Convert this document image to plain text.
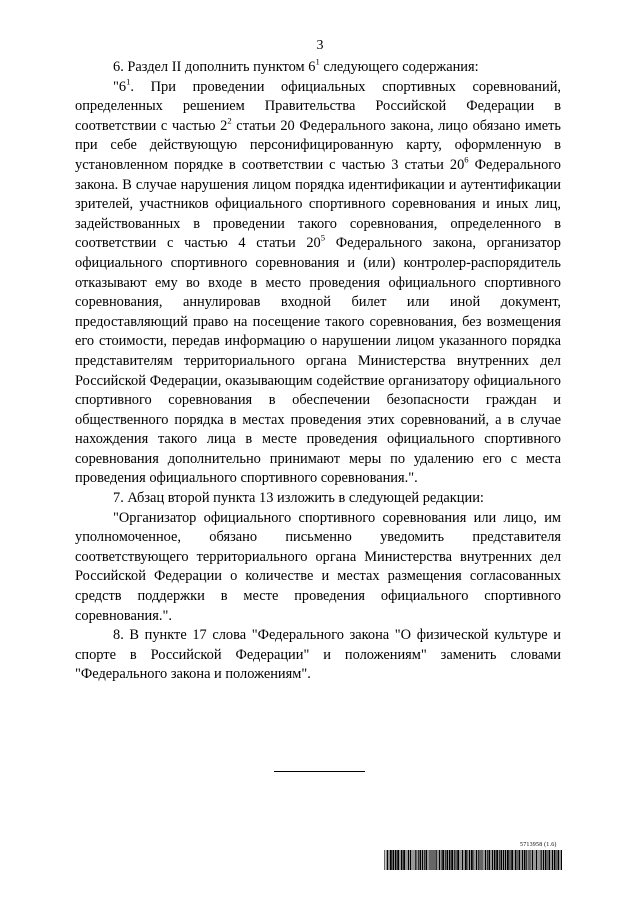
3

6. Раздел II дополнить пунктом $6^1$ следующего содержания:

"$6^1$. При проведении официальных спортивных соревнований, определенных решением Правительства Российской Федерации в соответствии с частью $2^2$ статьи 20 Федерального закона, лицо обязано иметь при себе действующую персонифицированную карту, оформленную в установленном порядке в соответствии с частью 3 статьи $20^6$ Федерального закона. В случае нарушения лицом порядка идентификации и аутентификации зрителей, участников официального спортивного соревнования и иных лиц, задействованных в проведении такого соревнования, определенного в соответствии с частью 4 статьи $20^5$ Федерального закона, организатор официального спортивного соревнования и (или) контролер-распорядитель отказывают ему во входе в место проведения официального спортивного соревнования, аннулировав входной билет или иной документ, предоставляющий право на посещение такого соревнования, без возмещения его стоимости, передав информацию о нарушении лицом указанного порядка представителям территориального органа Министерства внутренних дел Российской Федерации, оказывающим содействие организатору официального спортивного соревнования в обеспечении безопасности граждан и общественного порядка в местах проведения этих соревнований, а в случае нахождения такого лица в месте проведения официального спортивного соревнования дополнительно принимают меры по удалению его с места проведения официального спортивного соревнования.".

7. Абзац второй пункта 13 изложить в следующей редакции:

"Организатор официального спортивного соревнования или лицо, им уполномоченное, обязано письменно уведомить представителя соответствующего территориального органа Министерства внутренних дел Российской Федерации о количестве и местах размещения согласованных средств поддержки в месте проведения официального спортивного соревнования.".

8. В пункте 17 слова "Федерального закона "О физической культуре и спорте в Российской Федерации" и положениям" заменить словами "Федерального закона и положениям".

5713958 (1.6)
